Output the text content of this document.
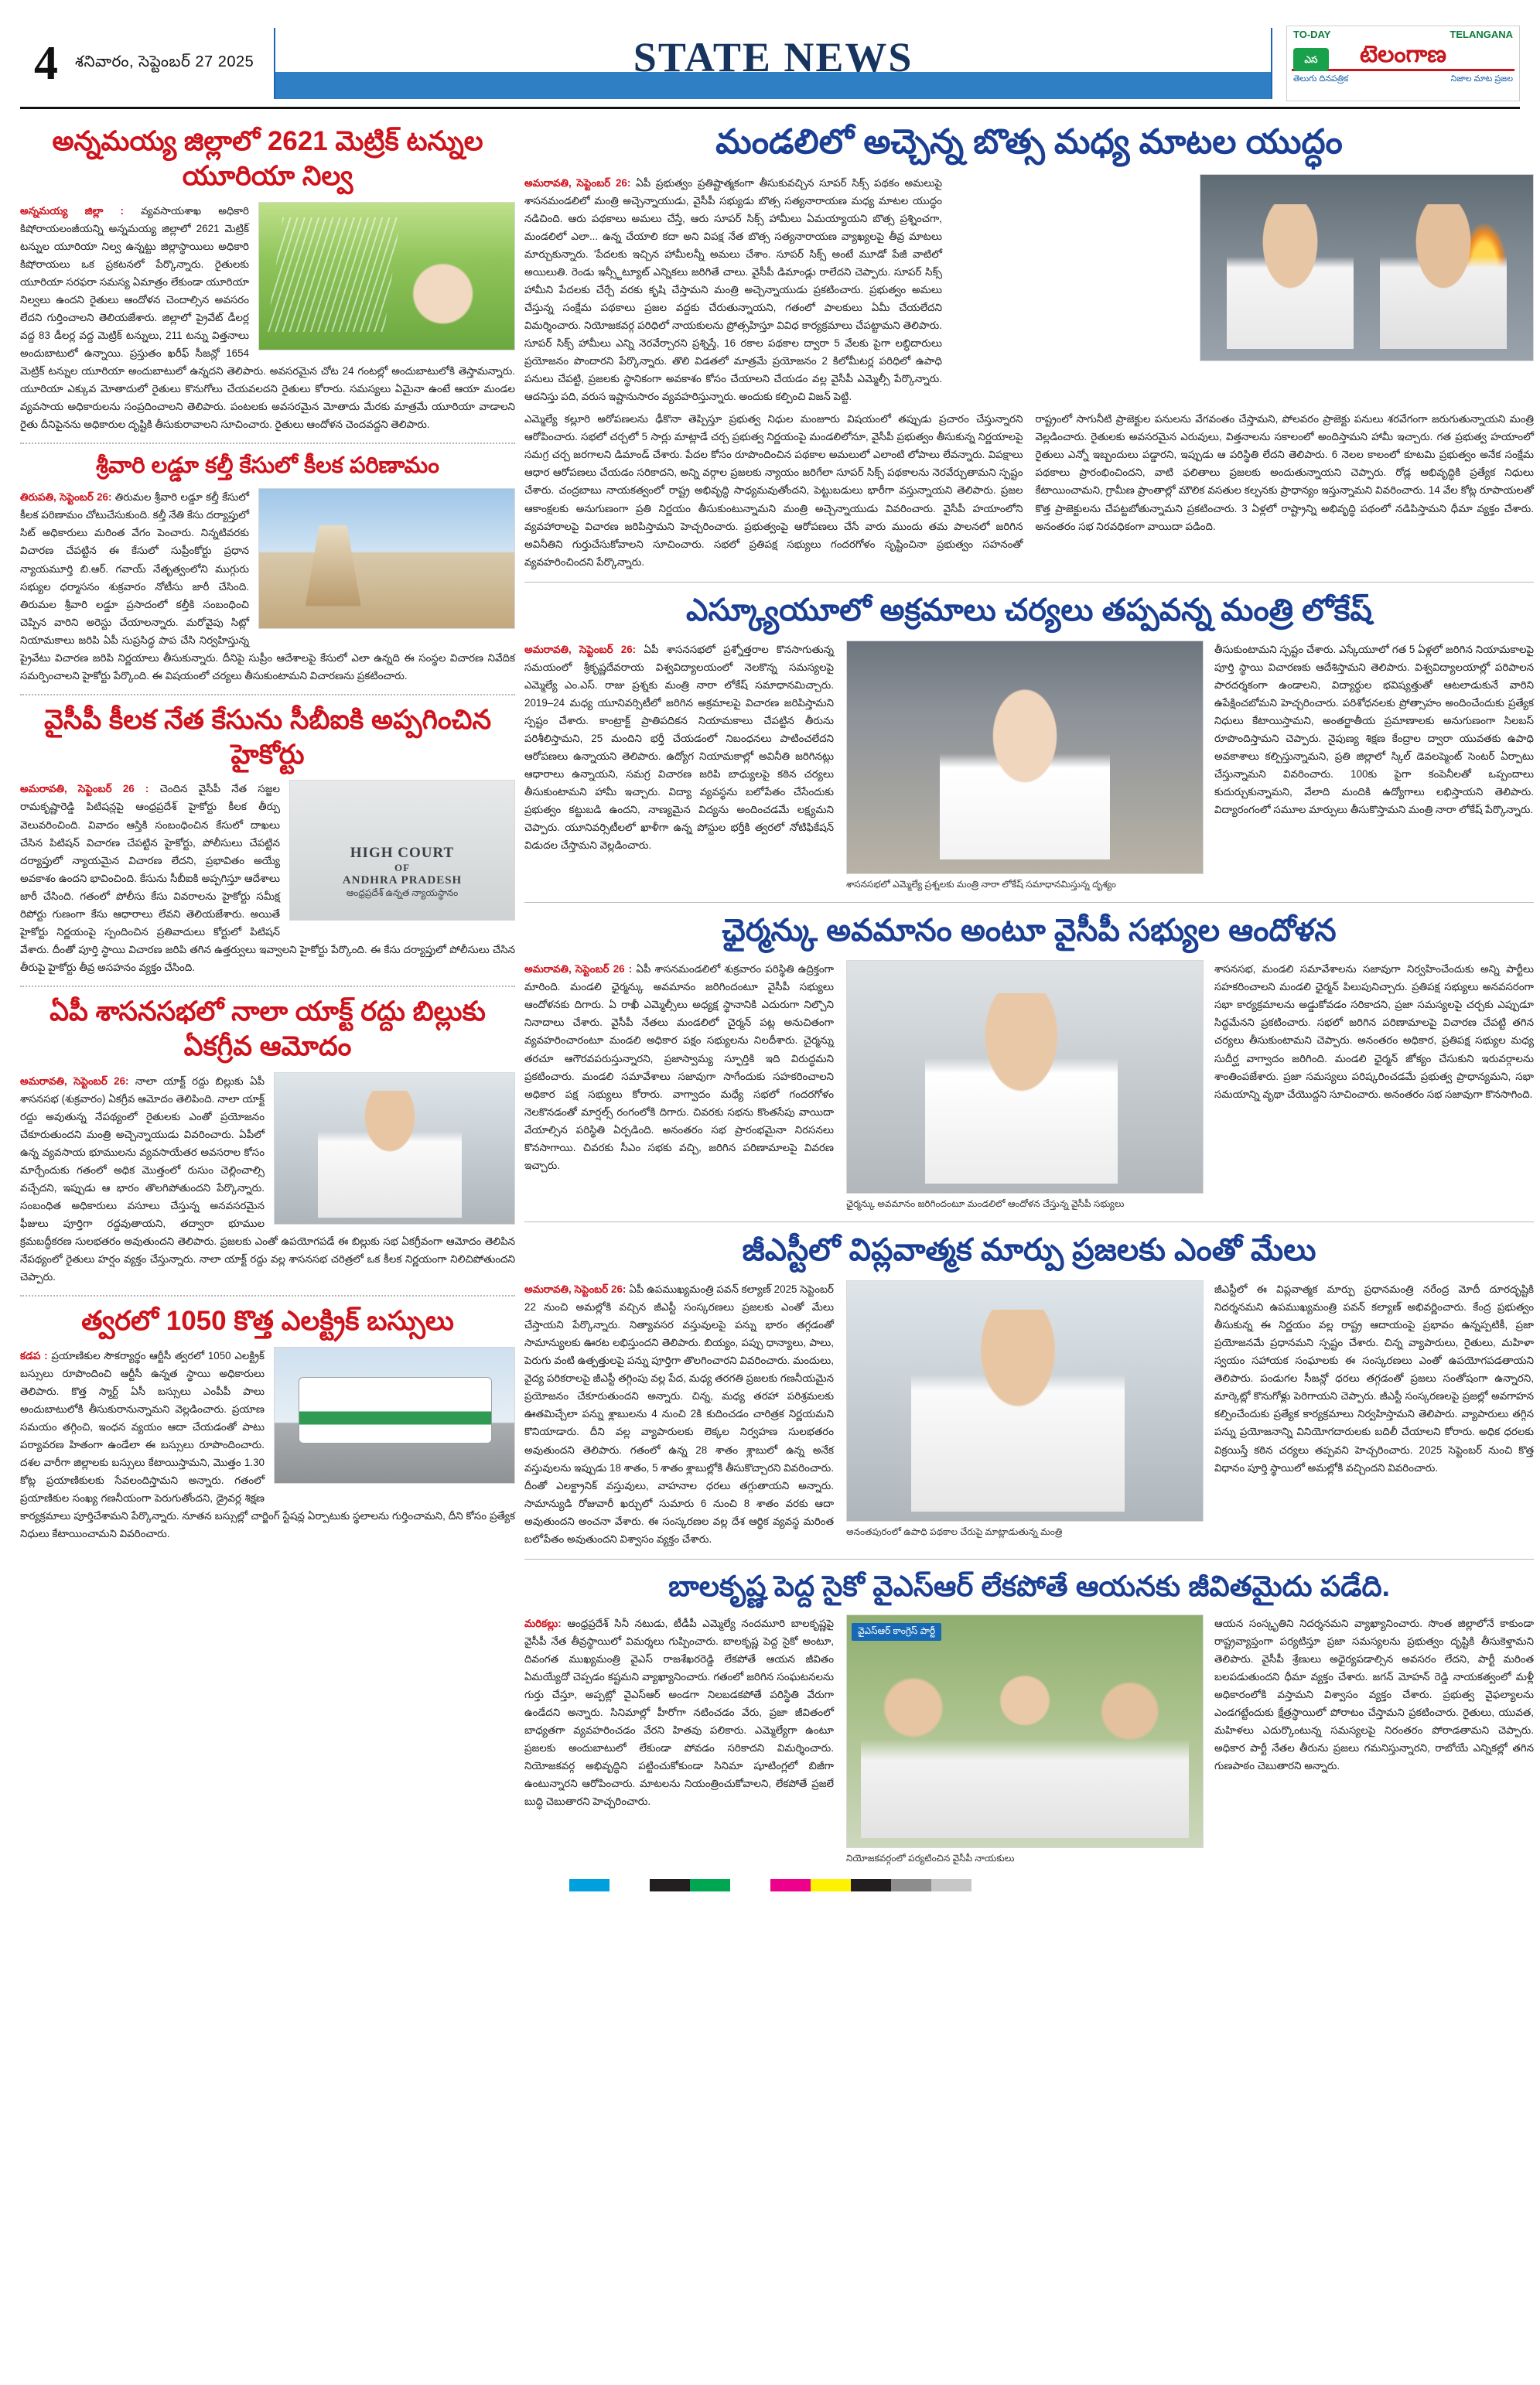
4	శనివారం, సెప్టెంబర్ 27 2025	STATE NEWS	TO-DAY	TELANGANA
ఎస	టెలంగాణ
తెలుగు దినపత్రిక	నిజాల మాట ప్రజల
అన్నమయ్య జిల్లాలో 2621 మెట్రిక్ టన్నుల యూరియా నిల్వ
అన్నమయ్య జిల్లా : వ్యవసాయశాఖ అధికారి కిషోరాయలంజీయన్ని అన్నమయ్య జిల్లాలో 2621 మెట్రిక్ టన్నుల యూరియా నిల్వ ఉన్నట్టు జిల్లాస్థాయిలు అధికారి కిషోరాయలు ఒక ప్రకటనలో పేర్కొన్నారు. రైతులకు యూరియా సరఫరా సమస్య ఏమాత్రం లేకుండా యూరియా నిల్వలు ఉందని రైతులు ఆందోళన చెందాల్సిన అవసరం లేదని గుర్తించాలని తెలియజేశారు. జిల్లాలో ప్రైవేట్ డీలర్ల వద్ద 83 డీలర్ల వద్ద మెట్రిక్ టన్నులు, 211 టన్ను విత్తనాలు అందుబాటులో ఉన్నాయి. ప్రస్తుతం ఖరీఫ్ సీజన్లో 1654 మెట్రిక్ టన్నుల యూరియా అందుబాటులో ఉన్నదని తెలిపారు. అవసరమైన చోట 24 గంటల్లో అందుబాటులోకి తెస్తామన్నారు. యూరియా ఎక్కువ మోతాదులో రైతులు కొనుగోలు చేయవలదని రైతులు కోరారు. సమస్యలు ఏమైనా ఉంటే ఆయా మండల వ్యవసాయ అధికారులను సంప్రదించాలని తెలిపారు. పంటలకు అవసరమైన మోతాదు మేరకు మాత్రమే యూరియా వాడాలని రైతు దీనిపైనను అధికారుల దృష్టికి తీసుకురావాలని సూచించారు. రైతులు ఆందోళన చెందవద్దని తెలిపారు.
శ్రీవారి లడ్డూ కల్తీ కేసులో కీలక పరిణామం
తిరుపతి, సెప్టెంబర్ 26: తిరుమల శ్రీవారి లడ్డూ కల్తీ కేసులో కీలక పరిణామం చోటుచేసుకుంది. కల్తీ నేతి కేసు దర్యాప్తులో సిట్ అధికారులు మరింత వేగం పెంచారు. నిన్నటివరకు విచారణ చేపట్టిన ఈ కేసులో సుప్రీంకోర్టు ప్రధాన న్యాయమూర్తి బి.ఆర్. గవాయ్ నేతృత్వంలోని ముగ్గురు సభ్యుల ధర్మాసనం శుక్రవారం నోటీసు జారీ చేసింది. తిరుమల శ్రీవారి లడ్డూ ప్రసాదంలో కల్తీకి సంబంధించి చెప్పిన వారిని అరెస్టు చేయాలన్నారు. మరోవైపు సిట్లో నియామకాలు జరిపి ఏపీ సుప్రసిద్ధ పాప చేసి నిర్వహిస్తున్న ప్రైవేటు విచారణ జరిపి నిర్ణయాలు తీసుకున్నారు. దీనిపై సుప్రీం ఆదేశాలపై కేసులో ఎలా ఉన్నది ఈ సంస్థల విచారణ నివేదిక సమర్పించాలని హైకోర్టు పేర్కొంది. ఈ విషయంలో చర్యలు తీసుకుంటామని విచారణను ప్రకటించారు.
వైసీపీ కీలక నేత కేసును సీబీఐకి అప్పగించిన హైకోర్టు
HIGH COURT
OF
ANDHRA PRADESH
ఆంధ్రప్రదేశ్ ఉన్నత న్యాయస్థానం
అమరావతి, సెప్టెంబర్ 26 : చెందిన వైసీపీ నేత సజ్జల రామకృష్ణారెడ్డి పిటిషన్లపై ఆంధ్రప్రదేశ్ హైకోర్టు కీలక తీర్పు వెలువరించింది. వివాదం ఆస్తికి సంబంధించిన కేసులో దాఖలు చేసిన పిటిషన్ విచారణ చేపట్టిన హైకోర్టు, పోలీసులు చేపట్టిన దర్యాప్తులో న్యాయమైన విచారణ లేదని, ప్రభావితం అయ్యే అవకాశం ఉందని భావించింది. కేసును సీబీఐకి అప్పగిస్తూ ఆదేశాలు జారీ చేసింది. గతంలో పోలీసు కేసు వివరాలను హైకోర్టు సమీక్ష రిపోర్టు గుణంగా కేసు ఆధారాలు లేవని తెలియజేశారు. అయితే హైకోర్టు నిర్ణయంపై స్పందించిన ప్రతివాదులు కోర్టులో పిటిషన్ వేశారు. దీంతో పూర్తి స్థాయి విచారణ జరిపి తగిన ఉత్తర్వులు ఇవ్వాలని హైకోర్టు పేర్కొంది. ఈ కేసు దర్యాప్తులో పోలీసులు చేసిన తీరుపై హైకోర్టు తీవ్ర అసహనం వ్యక్తం చేసింది.
ఏపీ శాసనసభలో నాలా యాక్ట్ రద్దు బిల్లుకు ఏకగ్రీవ ఆమోదం
అమరావతి, సెప్టెంబర్ 26: నాలా యాక్ట్ రద్దు బిల్లుకు ఏపీ శాసనసభ (శుక్రవారం) ఏకగ్రీవ ఆమోదం తెలిపింది. నాలా యాక్ట్ రద్దు అవుతున్న నేపథ్యంలో రైతులకు ఎంతో ప్రయోజనం చేకూరుతుందని మంత్రి అచ్చెన్నాయుడు వివరించారు. ఏపీలో ఉన్న వ్యవసాయ భూములను వ్యవసాయేతర అవసరాల కోసం మార్చేందుకు గతంలో అధిక మొత్తంలో రుసుం చెల్లించాల్సి వచ్చేదని, ఇప్పుడు ఆ భారం తొలగిపోతుందని పేర్కొన్నారు. సంబంధిత అధికారులు వసూలు చేస్తున్న అనవసరమైన ఫీజులు పూర్తిగా రద్దవుతాయని, తద్వారా భూముల క్రమబద్ధీకరణ సులభతరం అవుతుందని తెలిపారు. ప్రజలకు ఎంతో ఉపయోగపడే ఈ బిల్లుకు సభ ఏకగ్రీవంగా ఆమోదం తెలిపిన నేపథ్యంలో రైతులు హర్షం వ్యక్తం చేస్తున్నారు. నాలా యాక్ట్ రద్దు వల్ల శాసనసభ చరిత్రలో ఒక కీలక నిర్ణయంగా నిలిచిపోతుందని చెప్పారు.
త్వరలో 1050 కొత్త ఎలక్ట్రిక్ బస్సులు
కడప : ప్రయాణికుల సౌకర్యార్థం ఆర్టీసీ త్వరలో 1050 ఎలక్ట్రిక్ బస్సులు రూపొందించి ఆర్టీసీ ఉన్నత స్థాయి అధికారులు తెలిపారు. కొత్త స్మార్ట్ ఏసీ బస్సులు ఎంపీపీ పాలు అందుబాటులోకి తీసుకురానున్నామని వెల్లడించారు. ప్రయాణ సమయం తగ్గించి, ఇంధన వ్యయం ఆదా చేయడంతో పాటు పర్యావరణ హితంగా ఉండేలా ఈ బస్సులు రూపొందించారు. దశల వారీగా జిల్లాలకు బస్సులు కేటాయిస్తామని, మొత్తం 1.30 కోట్ల ప్రయాణికులకు సేవలందిస్తామని అన్నారు. గతంలో ప్రయాణికుల సంఖ్య గణనీయంగా పెరుగుతోందని, డ్రైవర్ల శిక్షణ కార్యక్రమాలు పూర్తిచేశామని పేర్కొన్నారు. నూతన బస్సుల్లో చార్జింగ్ స్టేషన్ల ఏర్పాటుకు స్థలాలను గుర్తించామని, దీని కోసం ప్రత్యేక నిధులు కేటాయించామని వివరించారు.
మండలిలో అచ్చెన్న బొత్స మధ్య మాటల యుద్ధం
అమరావతి, సెప్టెంబర్ 26: ఏపీ ప్రభుత్వం ప్రతిష్టాత్మకంగా తీసుకువచ్చిన సూపర్ సిక్స్ పథకం అమలుపై శాసనమండలిలో మంత్రి అచ్చెన్నాయుడు, వైసీపీ సభ్యుడు బొత్స సత్యనారాయణ మధ్య మాటల యుద్ధం నడిచింది. ఆరు పథకాలు అమలు చేస్తే, ఆరు సూపర్ సిక్స్ హామీలు ఏమయ్యాయని బొత్స ప్రశ్నించగా, మండలిలో ఎలా... ఉన్న చేయాలి కదా అని విపక్ష నేత బొత్స సత్యనారాయణ వ్యాఖ్యలపై తీవ్ర మాటలు మార్చుకున్నారు. 'పేదలకు ఇచ్చిన హామీలన్నీ అమలు చేశాం. సూపర్ సిక్స్ అంటే మూడో పేజీ వాటిలో అయిలుతి. రెండు ఇన్స్టీట్యూట్ ఎన్నికలు జరిగితే చాలు. వైసీపీ డిమాండ్లు రాలేదని చెప్పారు. సూపర్ సిక్స్ హామీని పేదలకు చేర్చే వరకు కృషి చేస్తామని మంత్రి అచ్చెన్నాయుడు ప్రకటించారు. ప్రభుత్వం అమలు చేస్తున్న సంక్షేమ పథకాలు ప్రజల వద్దకు చేరుతున్నాయని, గతంలో పాలకులు ఏమీ చేయలేదని విమర్శించారు. నియోజకవర్గ పరిధిలో నాయకులను ప్రోత్సహిస్తూ వివిధ కార్యక్రమాలు చేపట్టామని తెలిపారు. సూపర్ సిక్స్ హామీలు ఎన్ని నెరవేర్చారని ప్రశ్నిస్తే, 16 రకాల పథకాల ద్వారా 5 వేలకు పైగా లబ్ధిదారులు ప్రయోజనం పొందారని పేర్కొన్నారు. తొలి విడతలో మాత్రమే ప్రయోజనం 2 కిలోమీటర్ల పరిధిలో ఉపాధి పనులు చేపట్టి, ప్రజలకు స్థానికంగా అవకాశం కోసం చేయాలని చేయడం వల్ల వైసీపీ ఎమ్మెల్సీ పేర్కొన్నారు. ఆదనిస్తు పది, వరుస ఇష్టానుసారం వ్యవహరిస్తున్నారు. అందుకు కల్పించి విజన్ పెట్టి.
ఎమ్మెల్యే కల్లూరి అరోపణలను ఢీకొనా తెప్పిస్తూ ప్రభుత్వ నిధుల మంజూరు విషయంలో తప్పుడు ప్రచారం చేస్తున్నారని ఆరోపించారు. సభలో చర్చలో 5 సార్లు మాట్లాడే చర్చ ప్రభుత్వ నిర్ణయంపై మండలిలోనూ, వైసీపీ ప్రభుత్వం తీసుకున్న నిర్ణయాలపై సమగ్ర చర్చ జరగాలని డిమాండ్ చేశారు. పేదల కోసం రూపొందించిన పథకాల అమలులో ఎలాంటి లోపాలు లేవన్నారు. విపక్షాలు ఆధార ఆరోపణలు చేయడం సరికాదని, అన్ని వర్గాల ప్రజలకు న్యాయం జరిగేలా సూపర్ సిక్స్ పథకాలను నెరవేర్చుతామని స్పష్టం చేశారు. చంద్రబాబు నాయకత్వంలో రాష్ట్ర అభివృద్ధి సాధ్యమవుతోందని, పెట్టుబడులు భారీగా వస్తున్నాయని తెలిపారు. ప్రజల ఆకాంక్షలకు అనుగుణంగా ప్రతి నిర్ణయం తీసుకుంటున్నామని మంత్రి అచ్చెన్నాయుడు వివరించారు. వైసీపీ హయాంలోని వ్యవహారాలపై విచారణ జరిపిస్తామని హెచ్చరించారు. ప్రభుత్వంపై ఆరోపణలు చేసే వారు ముందు తమ పాలనలో జరిగిన అవినీతిని గుర్తుచేసుకోవాలని సూచించారు. సభలో ప్రతిపక్ష సభ్యులు గందరగోళం సృష్టించినా ప్రభుత్వం సహనంతో వ్యవహరించిందని పేర్కొన్నారు.
రాష్ట్రంలో సాగునీటి ప్రాజెక్టుల పనులను వేగవంతం చేస్తామని, పోలవరం ప్రాజెక్టు పనులు శరవేగంగా జరుగుతున్నాయని మంత్రి వెల్లడించారు. రైతులకు అవసరమైన ఎరువులు, విత్తనాలను సకాలంలో అందిస్తామని హామీ ఇచ్చారు. గత ప్రభుత్వ హయాంలో రైతులు ఎన్నో ఇబ్బందులు పడ్డారని, ఇప్పుడు ఆ పరిస్థితి లేదని తెలిపారు. 6 నెలల కాలంలో కూటమి ప్రభుత్వం అనేక సంక్షేమ పథకాలు ప్రారంభించిందని, వాటి ఫలితాలు ప్రజలకు అందుతున్నాయని చెప్పారు. రోడ్ల అభివృద్ధికి ప్రత్యేక నిధులు కేటాయించామని, గ్రామీణ ప్రాంతాల్లో మౌలిక వసతుల కల్పనకు ప్రాధాన్యం ఇస్తున్నామని వివరించారు. 14 వేల కోట్ల రూపాయలతో కొత్త ప్రాజెక్టులను చేపట్టబోతున్నామని ప్రకటించారు. 3 ఏళ్లలో రాష్ట్రాన్ని అభివృద్ధి పథంలో నడిపిస్తామని ధీమా వ్యక్తం చేశారు. అనంతరం సభ నిరవధికంగా వాయిదా పడింది.
ఎస్క్యూయూలో అక్రమాలు చర్యలు తప్పవన్న మంత్రి లోకేష్
అమరావతి, సెప్టెంబర్ 26: ఏపీ శాసనసభలో ప్రశ్నోత్తరాల కొనసాగుతున్న సమయంలో శ్రీకృష్ణదేవరాయ విశ్వవిద్యాలయంలో నెలకొన్న సమస్యలపై ఎమ్మెల్యే ఎం.ఎస్. రాజు ప్రశ్నకు మంత్రి నారా లోకేష్ సమాధానమిచ్చారు. 2019–24 మధ్య యూనివర్సిటీలో జరిగిన అక్రమాలపై విచారణ జరిపిస్తామని స్పష్టం చేశారు. కాంట్రాక్ట్ ప్రాతిపదికన నియామకాలు చేపట్టిన తీరును పరిశీలిస్తామని, 25 మందిని భర్తీ చేయడంలో నిబంధనలు పాటించలేదని ఆరోపణలు ఉన్నాయని తెలిపారు. ఉద్యోగ నియామకాల్లో అవినీతి జరిగినట్లు ఆధారాలు ఉన్నాయని, సమగ్ర విచారణ జరిపి బాధ్యులపై కఠిన చర్యలు తీసుకుంటామని హామీ ఇచ్చారు. విద్యా వ్యవస్థను బలోపేతం చేసేందుకు ప్రభుత్వం కట్టుబడి ఉందని, నాణ్యమైన విద్యను అందించడమే లక్ష్యమని చెప్పారు. యూనివర్సిటీలలో ఖాళీగా ఉన్న పోస్టుల భర్తీకి త్వరలో నోటిఫికేషన్ విడుదల చేస్తామని వెల్లడించారు.
శాసనసభలో ఎమ్మెల్యే ప్రశ్నలకు మంత్రి నారా లోకేష్ సమాధానమిస్తున్న దృశ్యం
తీసుకుంటామని స్పష్టం చేశారు. ఎస్కేయూలో గత 5 ఏళ్లలో జరిగిన నియామకాలపై పూర్తి స్థాయి విచారణకు ఆదేశిస్తామని తెలిపారు. విశ్వవిద్యాలయాల్లో పరిపాలన పారదర్శకంగా ఉండాలని, విద్యార్థుల భవిష్యత్తుతో ఆటలాడుకునే వారిని ఉపేక్షించబోమని హెచ్చరించారు. పరిశోధనలకు ప్రోత్సాహం అందించేందుకు ప్రత్యేక నిధులు కేటాయిస్తామని, అంతర్జాతీయ ప్రమాణాలకు అనుగుణంగా సిలబస్ రూపొందిస్తామని చెప్పారు. నైపుణ్య శిక్షణ కేంద్రాల ద్వారా యువతకు ఉపాధి అవకాశాలు కల్పిస్తున్నామని, ప్రతి జిల్లాలో స్కిల్ డెవలప్మెంట్ సెంటర్ ఏర్పాటు చేస్తున్నామని వివరించారు. 100కు పైగా కంపెనీలతో ఒప్పందాలు కుదుర్చుకున్నామని, వేలాది మందికి ఉద్యోగాలు లభిస్తాయని తెలిపారు. విద్యారంగంలో సమూల మార్పులు తీసుకొస్తామని మంత్రి నారా లోకేష్ పేర్కొన్నారు.
ఛైర్మన్కు అవమానం అంటూ వైసీపీ సభ్యుల ఆందోళన
అమరావతి, సెప్టెంబర్ 26 : ఏపీ శాసనమండలిలో శుక్రవారం పరిస్థితి ఉద్రిక్తంగా మారింది. మండలి ఛైర్మన్కు అవమానం జరిగిందంటూ వైసీపీ సభ్యులు ఆందోళనకు దిగారు. ఏ రాఖీ ఎమ్మెల్సీలు అధ్యక్ష స్థానానికి ఎదురుగా నిల్చొని నినాదాలు చేశారు. వైసీపీ నేతలు మండలిలో చైర్మన్ పట్ల అనుచితంగా వ్యవహరించారంటూ మండలి అధికార పక్షం సభ్యులను నిలదీశారు. చైర్మన్ను తరచూ ఆగౌరవపరుస్తున్నారని, ప్రజాస్వామ్య స్ఫూర్తికి ఇది విరుద్ధమని ప్రకటించారు. మండలి సమావేశాలు సజావుగా సాగేందుకు సహకరించాలని అధికార పక్ష సభ్యులు కోరారు. వాగ్వాదం మధ్యే సభలో గందరగోళం నెలకొనడంతో మార్షల్స్ రంగంలోకి దిగారు. చివరకు సభను కొంతసేపు వాయిదా వేయాల్సిన పరిస్థితి ఏర్పడింది. అనంతరం సభ ప్రారంభమైనా నిరసనలు కొనసాగాయి. చివరకు సీఎం సభకు వచ్చి, జరిగిన పరిణామాలపై వివరణ ఇచ్చారు.
ఛైర్మన్కు అవమానం జరిగిందంటూ మండలిలో ఆందోళన చేస్తున్న వైసీపీ సభ్యులు
శాసనసభ, మండలి సమావేశాలను సజావుగా నిర్వహించేందుకు అన్ని పార్టీలు సహకరించాలని మండలి ఛైర్మన్ పిలుపునిచ్చారు. ప్రతిపక్ష సభ్యులు అనవసరంగా సభా కార్యక్రమాలను అడ్డుకోవడం సరికాదని, ప్రజా సమస్యలపై చర్చకు ఎప్పుడూ సిద్ధమేనని ప్రకటించారు. సభలో జరిగిన పరిణామాలపై విచారణ చేపట్టి తగిన చర్యలు తీసుకుంటామని చెప్పారు. అనంతరం అధికార, ప్రతిపక్ష సభ్యుల మధ్య సుదీర్ఘ వాగ్వాదం జరిగింది. మండలి ఛైర్మన్ జోక్యం చేసుకుని ఇరువర్గాలను శాంతింపజేశారు. ప్రజా సమస్యలు పరిష్కరించడమే ప్రభుత్వ ప్రాధాన్యమని, సభా సమయాన్ని వృథా చేయొద్దని సూచించారు. అనంతరం సభ సజావుగా కొనసాగింది.
జీఎస్టీలో విప్లవాత్మక మార్పు ప్రజలకు ఎంతో మేలు
అమరావతి, సెప్టెంబర్ 26: ఏపీ ఉపముఖ్యమంత్రి పవన్ కల్యాణ్ 2025 సెప్టెంబర్ 22 నుంచి అమల్లోకి వచ్చిన జీఎస్టీ సంస్కరణలు ప్రజలకు ఎంతో మేలు చేస్తాయని పేర్కొన్నారు. నిత్యావసర వస్తువులపై పన్ను భారం తగ్గడంతో సామాన్యులకు ఊరట లభిస్తుందని తెలిపారు. బియ్యం, పప్పు ధాన్యాలు, పాలు, పెరుగు వంటి ఉత్పత్తులపై పన్ను పూర్తిగా తొలగించారని వివరించారు. మందులు, వైద్య పరికరాలపై జీఎస్టీ తగ్గింపు వల్ల పేద, మధ్య తరగతి ప్రజలకు గణనీయమైన ప్రయోజనం చేకూరుతుందని అన్నారు. చిన్న, మధ్య తరహా పరిశ్రమలకు ఊతమిచ్చేలా పన్ను శ్లాబులను 4 నుంచి 2కి కుదించడం చారిత్రక నిర్ణయమని కొనియాడారు. దీని వల్ల వ్యాపారులకు లెక్కల నిర్వహణ సులభతరం అవుతుందని తెలిపారు. గతంలో ఉన్న 28 శాతం శ్లాబులో ఉన్న అనేక వస్తువులను ఇప్పుడు 18 శాతం, 5 శాతం శ్లాబుల్లోకి తీసుకొచ్చారని వివరించారు. దీంతో ఎలక్ట్రానిక్ వస్తువులు, వాహనాల ధరలు తగ్గుతాయని అన్నారు. సామాన్యుడి రోజువారీ ఖర్చులో సుమారు 6 నుంచి 8 శాతం వరకు ఆదా అవుతుందని అంచనా వేశారు. ఈ సంస్కరణల వల్ల దేశ ఆర్థిక వ్యవస్థ మరింత బలోపేతం అవుతుందని విశ్వాసం వ్యక్తం చేశారు.
అనంతపురంలో ఉపాధి పథకాల చేరుపై మాట్లాడుతున్న మంత్రి
జీఎస్టీలో ఈ విప్లవాత్మక మార్పు ప్రధానమంత్రి నరేంద్ర మోదీ దూరదృష్టికి నిదర్శనమని ఉపముఖ్యమంత్రి పవన్ కల్యాణ్ అభివర్ణించారు. కేంద్ర ప్రభుత్వం తీసుకున్న ఈ నిర్ణయం వల్ల రాష్ట్ర ఆదాయంపై ప్రభావం ఉన్నప్పటికీ, ప్రజా ప్రయోజనమే ప్రధానమని స్పష్టం చేశారు. చిన్న వ్యాపారులు, రైతులు, మహిళా స్వయం సహాయక సంఘాలకు ఈ సంస్కరణలు ఎంతో ఉపయోగపడతాయని తెలిపారు. పండుగల సీజన్లో ధరలు తగ్గడంతో ప్రజలు సంతోషంగా ఉన్నారని, మార్కెట్లో కొనుగోళ్లు పెరిగాయని చెప్పారు. జీఎస్టీ సంస్కరణలపై ప్రజల్లో అవగాహన కల్పించేందుకు ప్రత్యేక కార్యక్రమాలు నిర్వహిస్తామని తెలిపారు. వ్యాపారులు తగ్గిన పన్ను ప్రయోజనాన్ని వినియోగదారులకు బదిలీ చేయాలని కోరారు. అధిక ధరలకు విక్రయిస్తే కఠిన చర్యలు తప్పవని హెచ్చరించారు. 2025 సెప్టెంబర్ నుంచి కొత్త విధానం పూర్తి స్థాయిలో అమల్లోకి వచ్చిందని వివరించారు.
బాలకృష్ణ పెద్ద సైకో వైఎస్ఆర్ లేకపోతే ఆయనకు జీవితమైదు పడేది.
మరికల్లు: ఆంధ్రప్రదేశ్ సినీ నటుడు, టీడీపీ ఎమ్మెల్యే నందమూరి బాలకృష్ణపై వైసీపీ నేత తీవ్రస్థాయిలో విమర్శలు గుప్పించారు. బాలకృష్ణ పెద్ద సైకో అంటూ, దివంగత ముఖ్యమంత్రి వైఎస్ రాజశేఖరరెడ్డి లేకపోతే ఆయన జీవితం ఏమయ్యేదో చెప్పడం కష్టమని వ్యాఖ్యానించారు. గతంలో జరిగిన సంఘటనలను గుర్తు చేస్తూ, అప్పట్లో వైఎస్ఆర్ అండగా నిలబడకపోతే పరిస్థితి వేరుగా ఉండేదని అన్నారు. సినిమాల్లో హీరోగా నటించడం వేరు, ప్రజా జీవితంలో బాధ్యతగా వ్యవహరించడం వేరని హితవు పలికారు. ఎమ్మెల్యేగా ఉంటూ ప్రజలకు అందుబాటులో లేకుండా పోవడం సరికాదని విమర్శించారు. నియోజకవర్గ అభివృద్ధిని పట్టించుకోకుండా సినిమా షూటింగ్లలో బిజీగా ఉంటున్నారని ఆరోపించారు. మాటలను నియంత్రించుకోవాలని, లేకపోతే ప్రజలే బుద్ధి చెబుతారని హెచ్చరించారు.
వైఎస్ఆర్ కాంగ్రెస్ పార్టీ
నియోజకవర్గంలో పర్యటించిన వైసీపీ నాయకులు
ఆయన సంస్కృతిని నిదర్శనమని వ్యాఖ్యానించారు. సొంత జిల్లాలోనే కాకుండా రాష్ట్రవ్యాప్తంగా పర్యటిస్తూ ప్రజా సమస్యలను ప్రభుత్వం దృష్టికి తీసుకెళ్తామని తెలిపారు. వైసీపీ శ్రేణులు అధైర్యపడాల్సిన అవసరం లేదని, పార్టీ మరింత బలపడుతుందని ధీమా వ్యక్తం చేశారు. జగన్ మోహన్ రెడ్డి నాయకత్వంలో మళ్లీ అధికారంలోకి వస్తామని విశ్వాసం వ్యక్తం చేశారు. ప్రభుత్వ వైఫల్యాలను ఎండగట్టేందుకు క్షేత్రస్థాయిలో పోరాటం చేస్తామని ప్రకటించారు. రైతులు, యువత, మహిళలు ఎదుర్కొంటున్న సమస్యలపై నిరంతరం పోరాడతామని చెప్పారు. అధికార పార్టీ నేతల తీరును ప్రజలు గమనిస్తున్నారని, రాబోయే ఎన్నికల్లో తగిన గుణపాఠం చెబుతారని అన్నారు.
